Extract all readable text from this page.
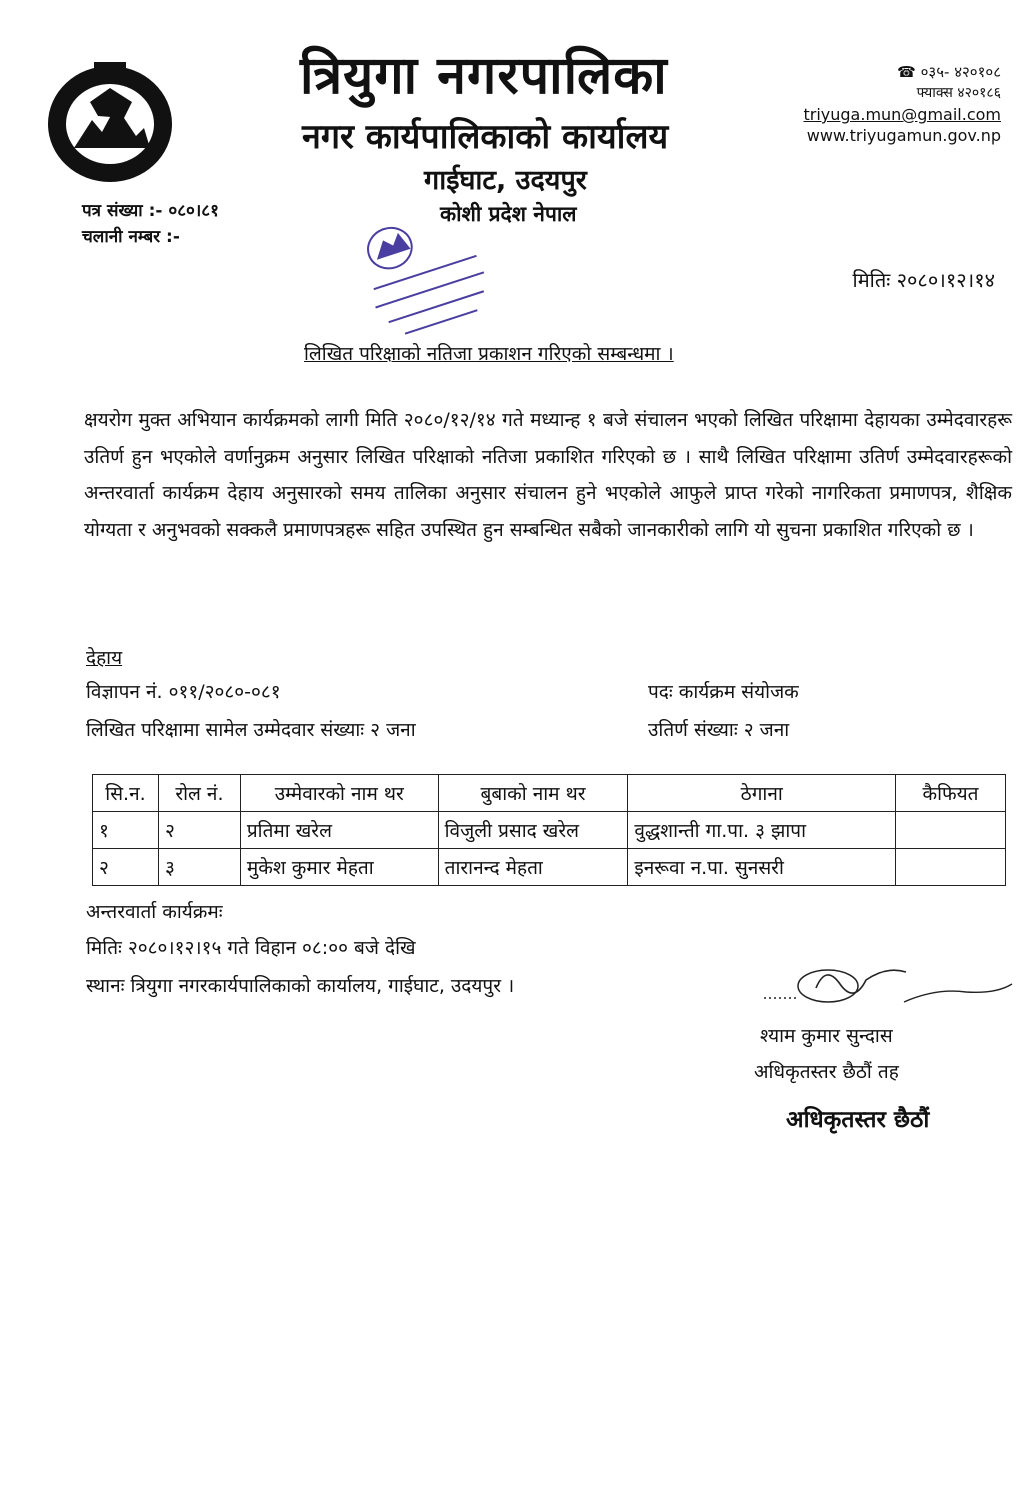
त्रियुगा नगरपालिका
नगर कार्यपालिकाको कार्यालय
गाईघाट, उदयपुर
कोशी प्रदेश नेपाल
☎ ०३५- ४२०१०८
फ्याक्स ४२०१८६
triyuga.mun@gmail.com
www.triyugamun.gov.np
पत्र संख्या :- ०८०।८१
चलानी नम्बर :-
मितिः २०८०।१२।१४
लिखित परिक्षाको नतिजा प्रकाशन गरिएको सम्बन्धमा ।
क्षयरोग मुक्त अभियान कार्यक्रमको लागी मिति २०८०/१२/१४ गते मध्यान्ह १ बजे संचालन भएको लिखित परिक्षामा देहायका उम्मेदवारहरू उतिर्ण हुन भएकोले वर्णानुक्रम अनुसार लिखित परिक्षाको नतिजा प्रकाशित गरिएको छ । साथै लिखित परिक्षामा उतिर्ण उम्मेदवारहरूको अन्तरवार्ता कार्यक्रम देहाय अनुसारको समय तालिका अनुसार संचालन हुने भएकोले आफुले प्राप्त गरेको नागरिकता प्रमाणपत्र, शैक्षिक योग्यता र अनुभवको सक्कलै प्रमाणपत्रहरू सहित उपस्थित हुन सम्बन्धित सबैको जानकारीको लागि यो सुचना प्रकाशित गरिएको छ ।
देहाय
विज्ञापन नं. ०११/२०८०-०८१	पदः कार्यक्रम संयोजक
लिखित परिक्षामा सामेल उम्मेदवार संख्याः २ जना	उतिर्ण संख्याः २ जना
सि.न.	रोल नं.	उम्मेवारको नाम थर	बुबाको नाम थर	ठेगाना	कैफियत
१	२	प्रतिमा खरेल	विजुली प्रसाद खरेल	वुद्धशान्ती गा.पा. ३ झापा	
२	३	मुकेश कुमार मेहता	तारानन्द मेहता	इनरूवा न.पा. सुनसरी	
अन्तरवार्ता कार्यक्रमः
मितिः २०८०।१२।१५ गते विहान ०८:०० बजे देखि
स्थानः त्रियुगा नगरकार्यपालिकाको कार्यालय, गाईघाट, उदयपुर ।
श्याम कुमार सुन्दास
अधिकृतस्तर छैठौं तह
अधिकृतस्तर छैठौं
